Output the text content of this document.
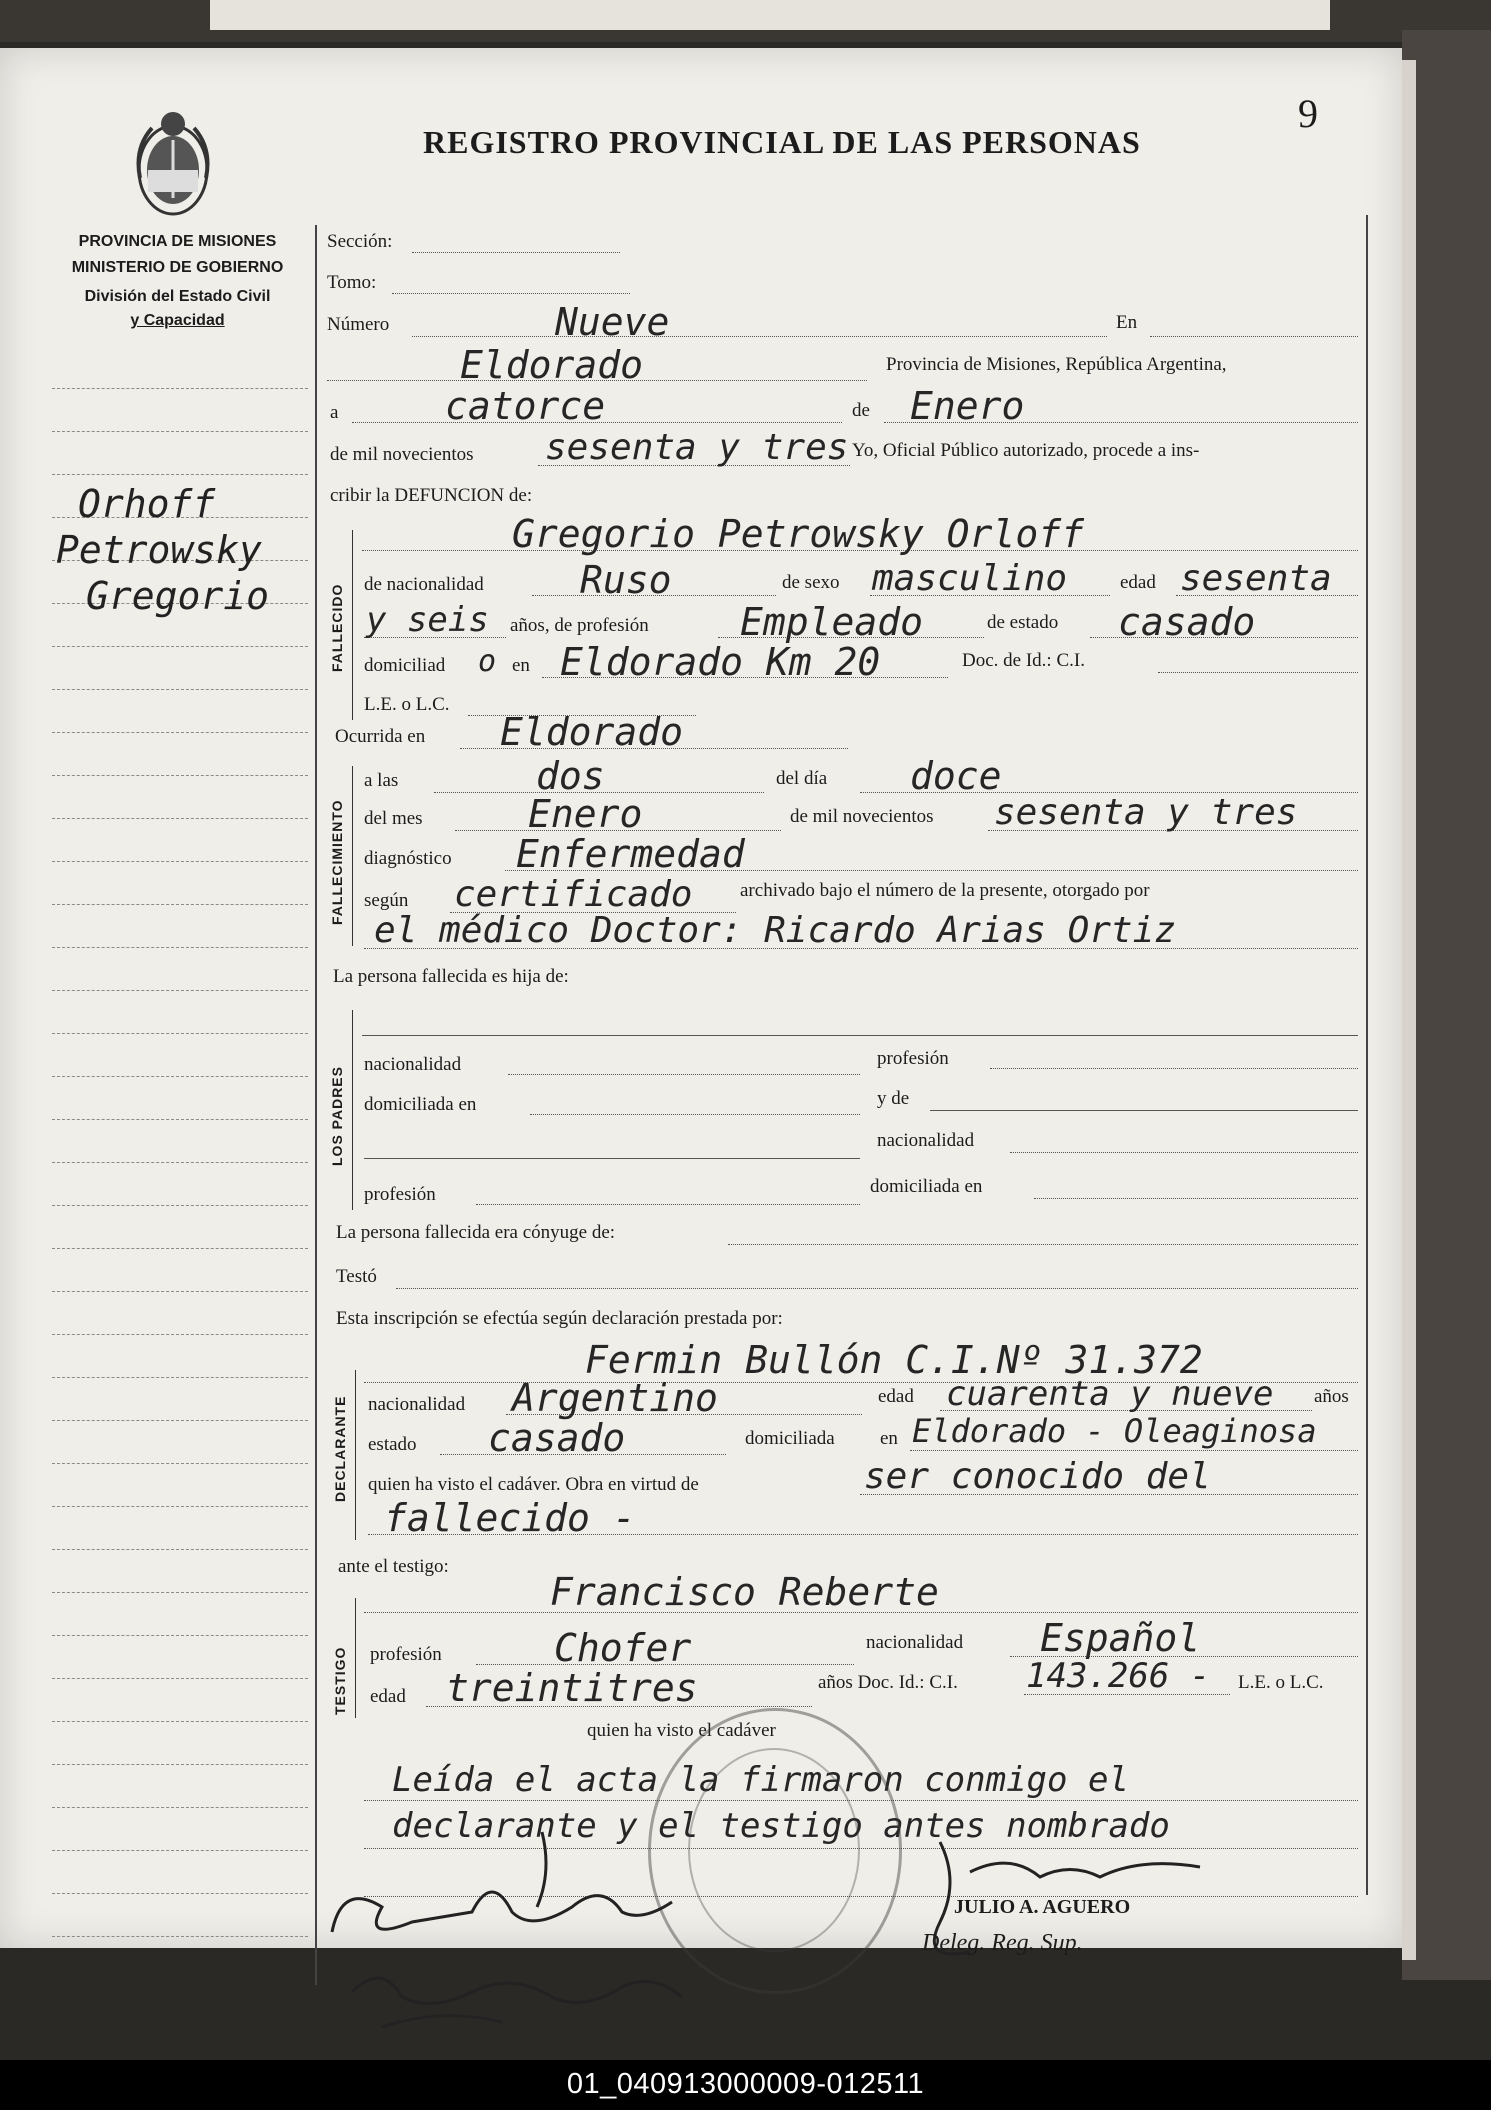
9
REGISTRO PROVINCIAL DE LAS PERSONAS
PROVINCIA DE MISIONES
MINISTERIO DE GOBIERNO
División del Estado Civil
y Capacidad
Orhoff
Petrowsky
Gregorio
Sección:
Tomo:
Número	Nueve	En
Eldorado	Provincia de Misiones, República Argentina,
a	catorce	de Enero
de mil novecientos sesenta y tres Yo, Oficial Público autorizado, procede a ins-
cribir la DEFUNCION de:
FALLECIDO
Gregorio Petrowsky Orloff
de nacionalidad	Ruso	de sexo masculino	edad sesenta
y seis años, de profesión Empleado	de estado casado
domiciliad o en Eldorado Km 20	Doc. de Id.: C.I.
L.E. o L.C.
Ocurrida en Eldorado
FALLECIMIENTO
a las	dos	del día doce
del mes	Enero	de mil novecientos sesenta y tres
diagnóstico Enfermedad
según certificado	archivado bajo el número de la presente, otorgado por
el médico Doctor: Ricardo Arias Ortiz
La persona fallecida es hija de:
LOS PADRES
nacionalidad	profesión
domiciliada en	y de
nacionalidad
profesión	domiciliada en
La persona fallecida era cónyuge de:
Testó
Esta inscripción se efectúa según declaración prestada por:
DECLARANTE
Fermin Bullón C.I.Nº 31.372
nacionalidad Argentino	edad cuarenta y nueve años
estado casado	domiciliada en Eldorado - Oleaginosa
quien ha visto el cadáver. Obra en virtud de	ser conocido del
fallecido -
ante el testigo:
TESTIGO
Francisco Reberte
profesión	Chofer	nacionalidad Español
edad treintitres	años Doc. Id.: C.I. 143.266 - L.E. o L.C.
quien ha visto el cadáver
Leída el acta la firmaron conmigo el
declarante y el testigo antes nombrado
JULIO A. AGUERO
Deleg. Reg. Sup.
01_040913000009-012511
